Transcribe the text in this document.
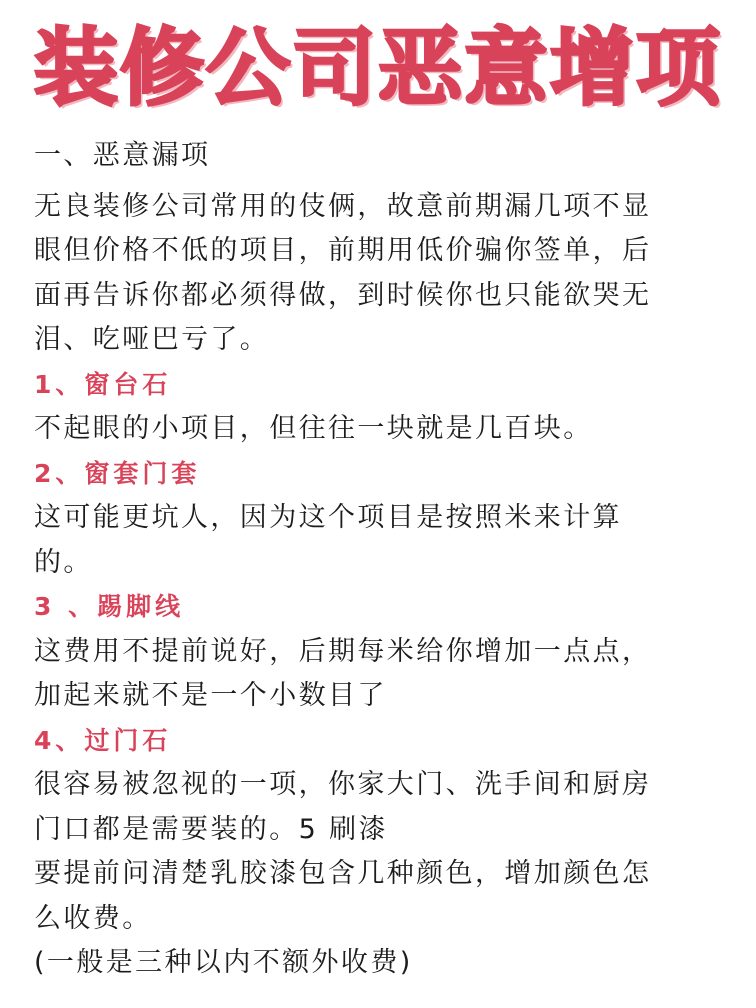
装修公司恶意增项
一、恶意漏项
无良装修公司常用的伎俩，故意前期漏几项不显
眼但价格不低的项目，前期用低价骗你签单，后
面再告诉你都必须得做，到时候你也只能欲哭无
泪、吃哑巴亏了。
1、窗台石
不起眼的小项目，但往往一块就是几百块。
2、窗套门套
这可能更坑人，因为这个项目是按照米来计算
的。
3 、踢脚线
这费用不提前说好，后期每米给你增加一点点，
加起来就不是一个小数目了
4、过门石
很容易被忽视的一项，你家大门、洗手间和厨房
门口都是需要装的。5 刷漆
要提前问清楚乳胶漆包含几种颜色，增加颜色怎
么收费。
(一般是三种以内不额外收费)
